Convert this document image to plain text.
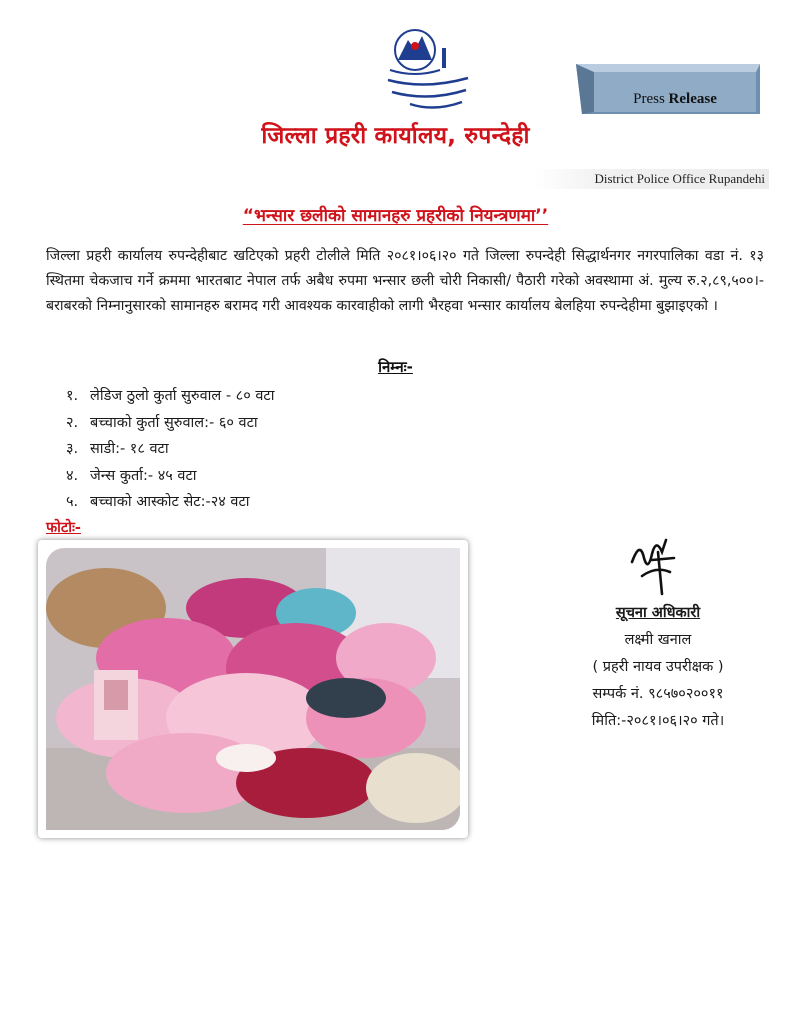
Press Release
जिल्ला प्रहरी कार्यालय, रुपन्देही
District Police Office Rupandehi
“भन्सार छलीको सामानहरु प्रहरीको नियन्त्रणमा’’
जिल्ला प्रहरी कार्यालय रुपन्देहीबाट खटिएको प्रहरी टोलीले मिति २०८१।०६।२० गते जिल्ला रुपन्देही सिद्धार्थनगर नगरपालिका वडा नं. १३ स्थितमा चेकजाच गर्ने क्रममा भारतबाट नेपाल तर्फ अबैध रुपमा भन्सार छली चोरी निकासी/ पैठारी गरेको अवस्थामा अं. मुल्य रु.२,८९,५००।- बराबरको निम्नानुसारको सामानहरु बरामद गरी आवश्यक कारवाहीको लागी भैरहवा भन्सार कार्यालय बेलहिया रुपन्देहीमा बुझाइएको ।
निम्नः-
१. लेडिज ठुलो कुर्ता सुरुवाल - ८० वटा
२. बच्चाको कुर्ता सुरुवाल:- ६० वटा
३. साडी:- १८ वटा
४. जेन्स कुर्ता:- ४५ वटा
५. बच्चाको आस्कोट सेट:-२४ वटा
फोटोः-
सूचना अधिकारी
लक्ष्मी खनाल
( प्रहरी नायव उपरीक्षक )
सम्पर्क नं. ९८५७०२००११
मिति:-२०८१।०६।२० गते।
